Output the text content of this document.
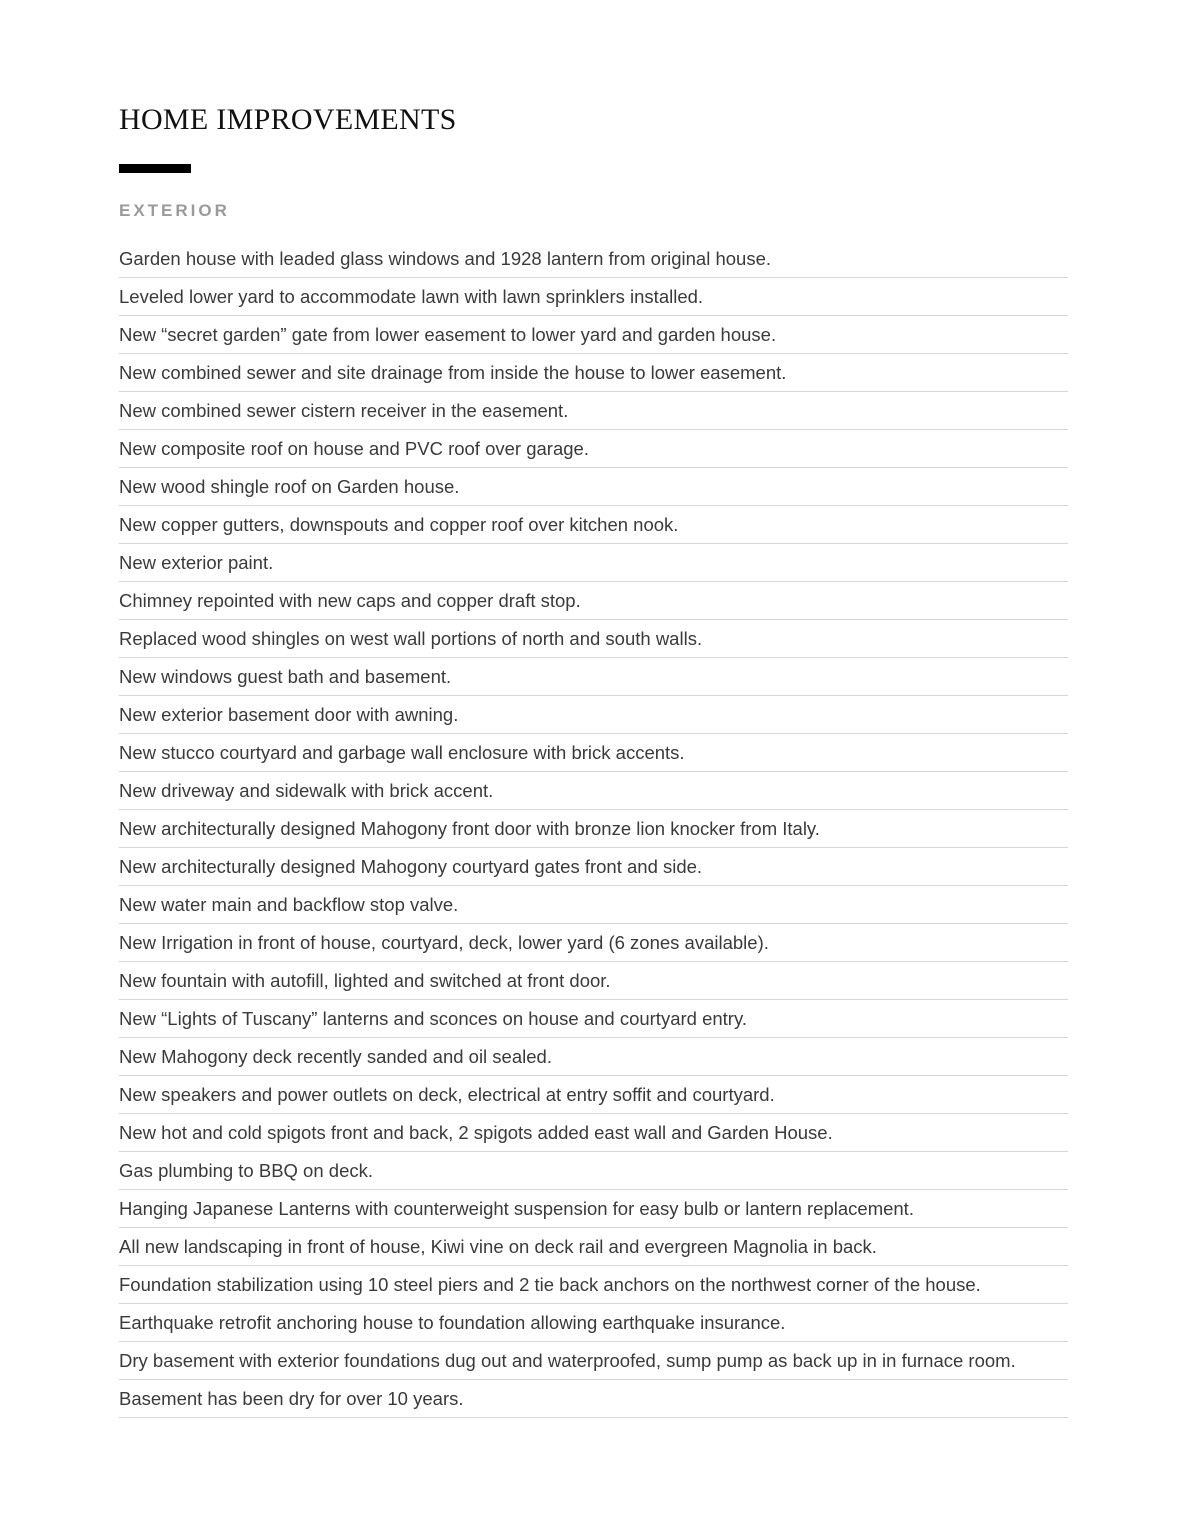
HOME IMPROVEMENTS
EXTERIOR
Garden house with leaded glass windows and 1928 lantern from original house.
Leveled lower yard to accommodate lawn with lawn sprinklers installed.
New “secret garden” gate from lower easement to lower yard and garden house.
New combined sewer and site drainage from inside the house to lower easement.
New combined sewer cistern receiver in the easement.
New composite roof on house and PVC roof over garage.
New wood shingle roof on Garden house.
New copper gutters, downspouts and copper roof over kitchen nook.
New exterior paint.
Chimney repointed with new caps and copper draft stop.
Replaced wood shingles on west wall portions of north and south walls.
New windows guest bath and basement.
New exterior basement door with awning.
New stucco courtyard and garbage wall enclosure with brick accents.
New driveway and sidewalk with brick accent.
New architecturally designed Mahogony front door with bronze lion knocker from Italy.
New architecturally designed Mahogony courtyard gates front and side.
New water main and backflow stop valve.
New Irrigation in front of house, courtyard, deck, lower yard (6 zones available).
New fountain with autofill, lighted and switched at front door.
New “Lights of Tuscany” lanterns and sconces on house and courtyard entry.
New Mahogony deck recently sanded and oil sealed.
New speakers and power outlets on deck, electrical at entry soffit and courtyard.
New hot and cold spigots front and back, 2 spigots added east wall and Garden House.
Gas plumbing to BBQ on deck.
Hanging Japanese Lanterns with counterweight suspension for easy bulb or lantern replacement.
All new landscaping in front of house, Kiwi vine on deck rail and evergreen Magnolia in back.
Foundation stabilization using 10 steel piers and 2 tie back anchors on the northwest corner of the house.
Earthquake retrofit anchoring house to foundation allowing earthquake insurance.
Dry basement with exterior foundations dug out and waterproofed, sump pump as back up in in furnace room.
Basement has been dry for over 10 years.
